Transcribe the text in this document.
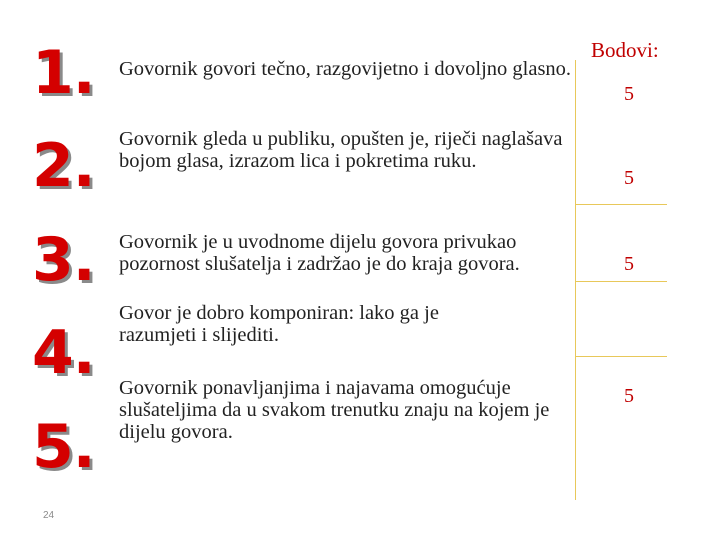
1.
2.
3.
4.
5.
Govornik govori tečno, razgovijetno i dovoljno glasno.
Govornik gleda u publiku, opušten je, riječi naglašava bojom glasa, izrazom lica i pokretima ruku.
Govornik je u uvodnome dijelu govora privukao pozornost slušatelja i zadržao je do kraja govora.
Govor je dobro komponiran: lako ga je razumjeti i slijediti.
Govornik ponavljanjima i najavama omogućuje slušateljima da u svakom trenutku znaju na kojem je dijelu govora.
Bodovi:
5
5
5
5
24
